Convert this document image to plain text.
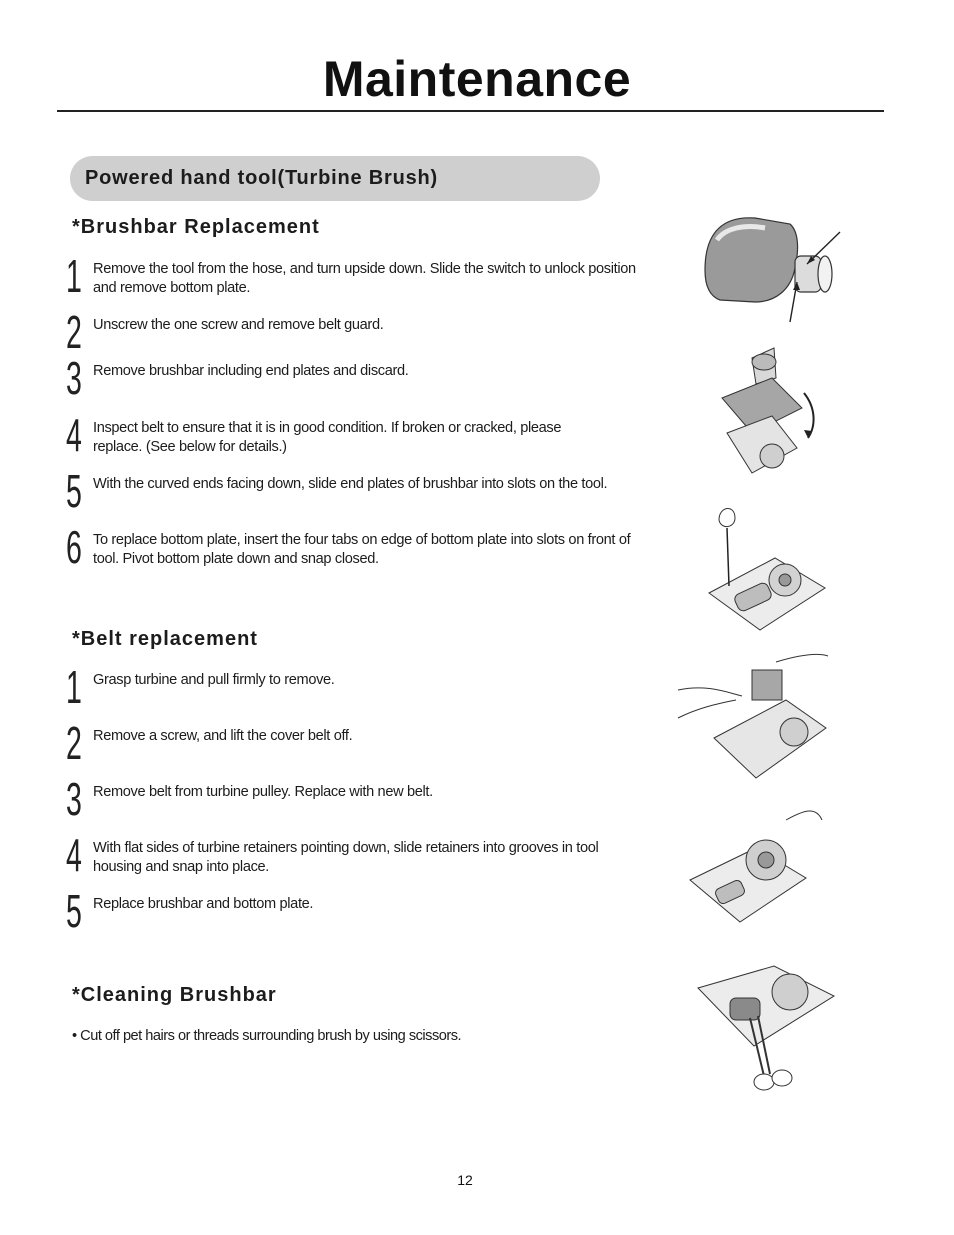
Maintenance
Powered hand tool(Turbine Brush)
*Brushbar Replacement
1 Remove the tool from the hose, and turn upside down. Slide the switch to unlock position and remove bottom plate.
2 Unscrew the one screw and remove belt guard.
3 Remove brushbar including end plates and discard.
4 Inspect belt to ensure that it is in good condition. If broken or cracked, please replace. (See below for details.)
5 With the curved ends facing down, slide end plates of brushbar into slots on the tool.
6 To replace bottom plate, insert the four tabs on edge of bottom plate into slots on front of tool. Pivot bottom plate down and snap closed.
*Belt replacement
1 Grasp turbine and pull firmly to remove.
2 Remove a screw, and lift the cover belt off.
3 Remove belt from turbine pulley. Replace with new belt.
4 With flat sides of turbine retainers pointing down, slide retainers into grooves in tool housing and snap into place.
5 Replace brushbar and bottom plate.
*Cleaning Brushbar
• Cut off pet hairs or threads surrounding brush by using scissors.
12
